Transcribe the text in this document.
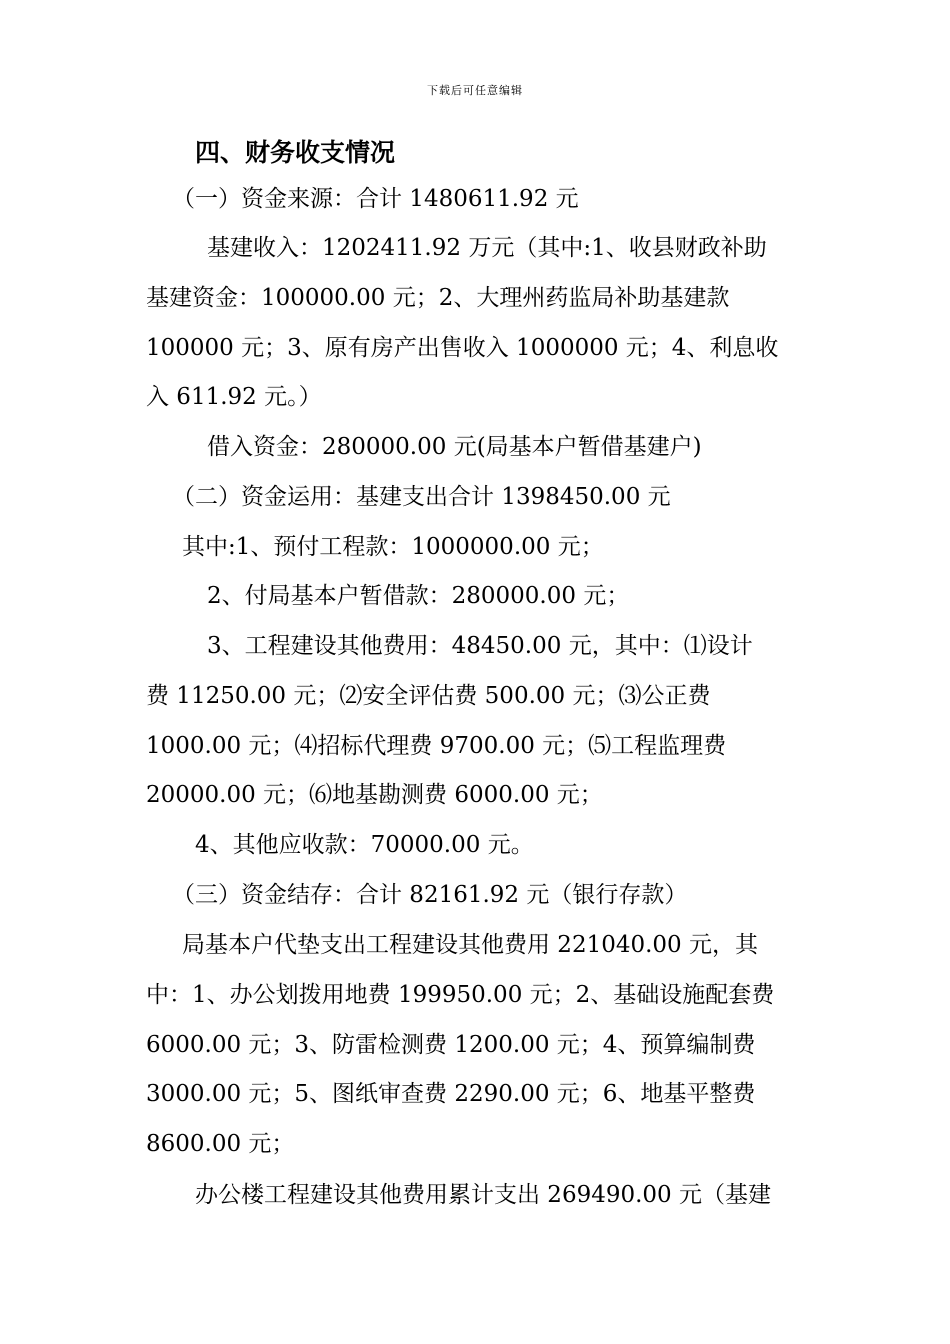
下载后可任意编辑
四、财务收支情况
（一）资金来源：合计 1480611.92 元
基建收入：1202411.92 万元（其中:1、收县财政补助
基建资金：100000.00 元；2、大理州药监局补助基建款
100000 元；3、原有房产出售收入 1000000 元；4、利息收
入 611.92 元。）
借入资金：280000.00 元(局基本户暂借基建户)
（二）资金运用：基建支出合计 1398450.00 元
其中:1、预付工程款：1000000.00 元；
2、付局基本户暂借款：280000.00 元；
3、工程建设其他费用：48450.00 元，其中：⑴设计
费 11250.00 元；⑵安全评估费 500.00 元；⑶公正费
1000.00 元；⑷招标代理费 9700.00 元；⑸工程监理费
20000.00 元；⑹地基勘测费 6000.00 元；
4、其他应收款：70000.00 元。
（三）资金结存：合计 82161.92 元（银行存款）
局基本户代垫支出工程建设其他费用 221040.00 元，其
中：1、办公划拨用地费 199950.00 元；2、基础设施配套费
6000.00 元；3、防雷检测费 1200.00 元；4、预算编制费
3000.00 元；5、图纸审查费 2290.00 元；6、地基平整费
8600.00 元；
办公楼工程建设其他费用累计支出 269490.00 元（基建
